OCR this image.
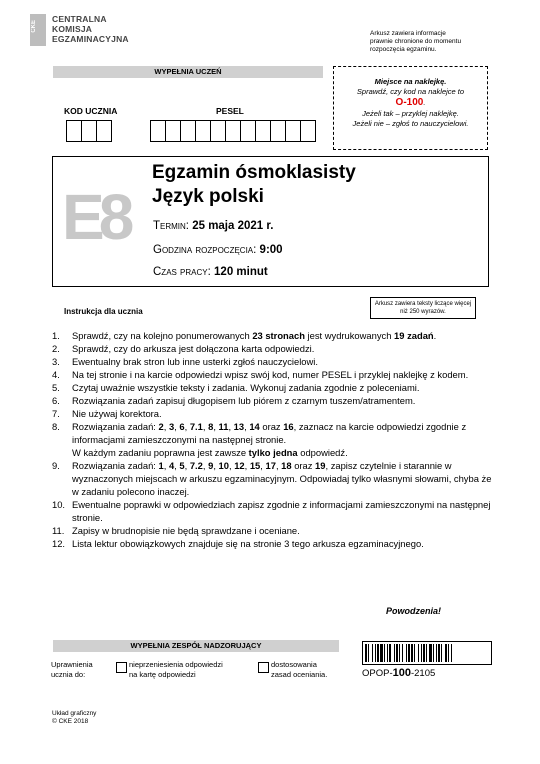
CKE
CENTRALNA
KOMISJA
EGZAMINACYJNA
Arkusz zawiera informacje
prawnie chronione do momentu
rozpoczęcia egzaminu.
WYPEŁNIA UCZEŃ
KOD UCZNIA	PESEL
Miejsce na naklejkę.
Sprawdź, czy kod na naklejce to
O-100.
Jeżeli tak – przyklej naklejkę.
Jeżeli nie – zgłoś to nauczycielowi.
E8
Egzamin ósmoklasisty
Język polski
Termin: 25 maja 2021 r.
Godzina rozpoczęcia: 9:00
Czas pracy: 120 minut
Instrukcja dla ucznia
Arkusz zawiera teksty liczące więcej niż 250 wyrazów.
1.	Sprawdź, czy na kolejno ponumerowanych 23 stronach jest wydrukowanych 19 zadań.
2.	Sprawdź, czy do arkusza jest dołączona karta odpowiedzi.
3.	Ewentualny brak stron lub inne usterki zgłoś nauczycielowi.
4.	Na tej stronie i na karcie odpowiedzi wpisz swój kod, numer PESEL i przyklej naklejkę z kodem.
5.	Czytaj uważnie wszystkie teksty i zadania. Wykonuj zadania zgodnie z poleceniami.
6.	Rozwiązania zadań zapisuj długopisem lub piórem z czarnym tuszem/atramentem.
7.	Nie używaj korektora.
8.	Rozwiązania zadań: 2, 3, 6, 7.1, 8, 11, 13, 14 oraz 16, zaznacz na karcie odpowiedzi zgodnie z informacjami zamieszczonymi na następnej stronie.
W każdym zadaniu poprawna jest zawsze tylko jedna odpowiedź.
9.	Rozwiązania zadań: 1, 4, 5, 7.2, 9, 10, 12, 15, 17, 18 oraz 19, zapisz czytelnie i starannie w wyznaczonych miejscach w arkuszu egzaminacyjnym. Odpowiadaj tylko własnymi słowami, chyba że w zadaniu polecono inaczej.
10. Ewentualne poprawki w odpowiedziach zapisz zgodnie z informacjami zamieszczonymi na następnej stronie.
11. Zapisy w brudnopisie nie będą sprawdzane i oceniane.
12. Lista lektur obowiązkowych znajduje się na stronie 3 tego arkusza egzaminacyjnego.
Powodzenia!
WYPEŁNIA ZESPÓŁ NADZORUJĄCY
Uprawnienia
ucznia do:
nieprzeniesienia odpowiedzi
na kartę odpowiedzi
dostosowania
zasad oceniania.	OPOP-100-2105
Układ graficzny
© CKE 2018
